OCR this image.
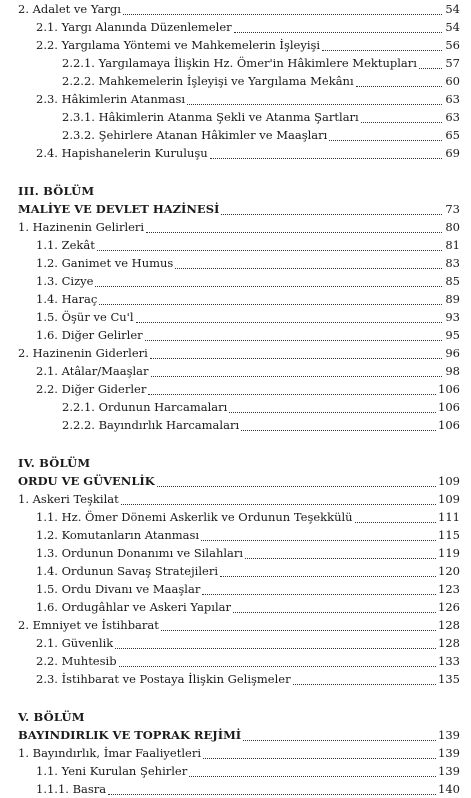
2. Adalet ve Yargı	54
2.1. Yargı Alanında Düzenlemeler	54
2.2. Yargılama Yöntemi ve Mahkemelerin İşleyişi	56
2.2.1. Yargılamaya İlişkin Hz. Ömer'in Hâkimlere Mektupları 57
2.2.2. Mahkemelerin İşleyişi ve Yargılama Mekânı	60
2.3. Hâkimlerin Atanması	63
2.3.1. Hâkimlerin Atanma Şekli ve Atanma Şartları	63
2.3.2. Şehirlere Atanan Hâkimler ve Maaşları	65
2.4. Hapishanelerin Kuruluşu	69
III. BÖLÜM
MALİYE VE DEVLET HAZİNESİ	73
1. Hazinenin Gelirleri	80
1.1. Zekât	81
1.2. Ganimet ve Humus	83
1.3. Cizye	85
1.4. Haraç	89
1.5. Öşür ve Cu'l	93
1.6. Diğer Gelirler	95
2. Hazinenin Giderleri	96
2.1. Atâlar/Maaşlar	98
2.2. Diğer Giderler	106
2.2.1. Ordunun Harcamaları	106
2.2.2. Bayındırlık Harcamaları	106
IV. BÖLÜM
ORDU VE GÜVENLİK	109
1. Askeri Teşkilat	109
1.1. Hz. Ömer Dönemi Askerlik ve Ordunun Teşekkülü	111
1.2. Komutanların Atanması	115
1.3. Ordunun Donanımı ve Silahları	119
1.4. Ordunun Savaş Stratejileri	120
1.5. Ordu Divanı ve Maaşlar	123
1.6. Ordugâhlar ve Askeri Yapılar	126
2. Emniyet ve İstihbarat	128
2.1. Güvenlik	128
2.2. Muhtesib	133
2.3. İstihbarat ve Postaya İlişkin Gelişmeler	135
V. BÖLÜM
BAYINDIRLIK VE TOPRAK REJİMİ	139
1. Bayındırlık, İmar Faaliyetleri	139
1.1. Yeni Kurulan Şehirler	139
1.1.1. Basra	140
